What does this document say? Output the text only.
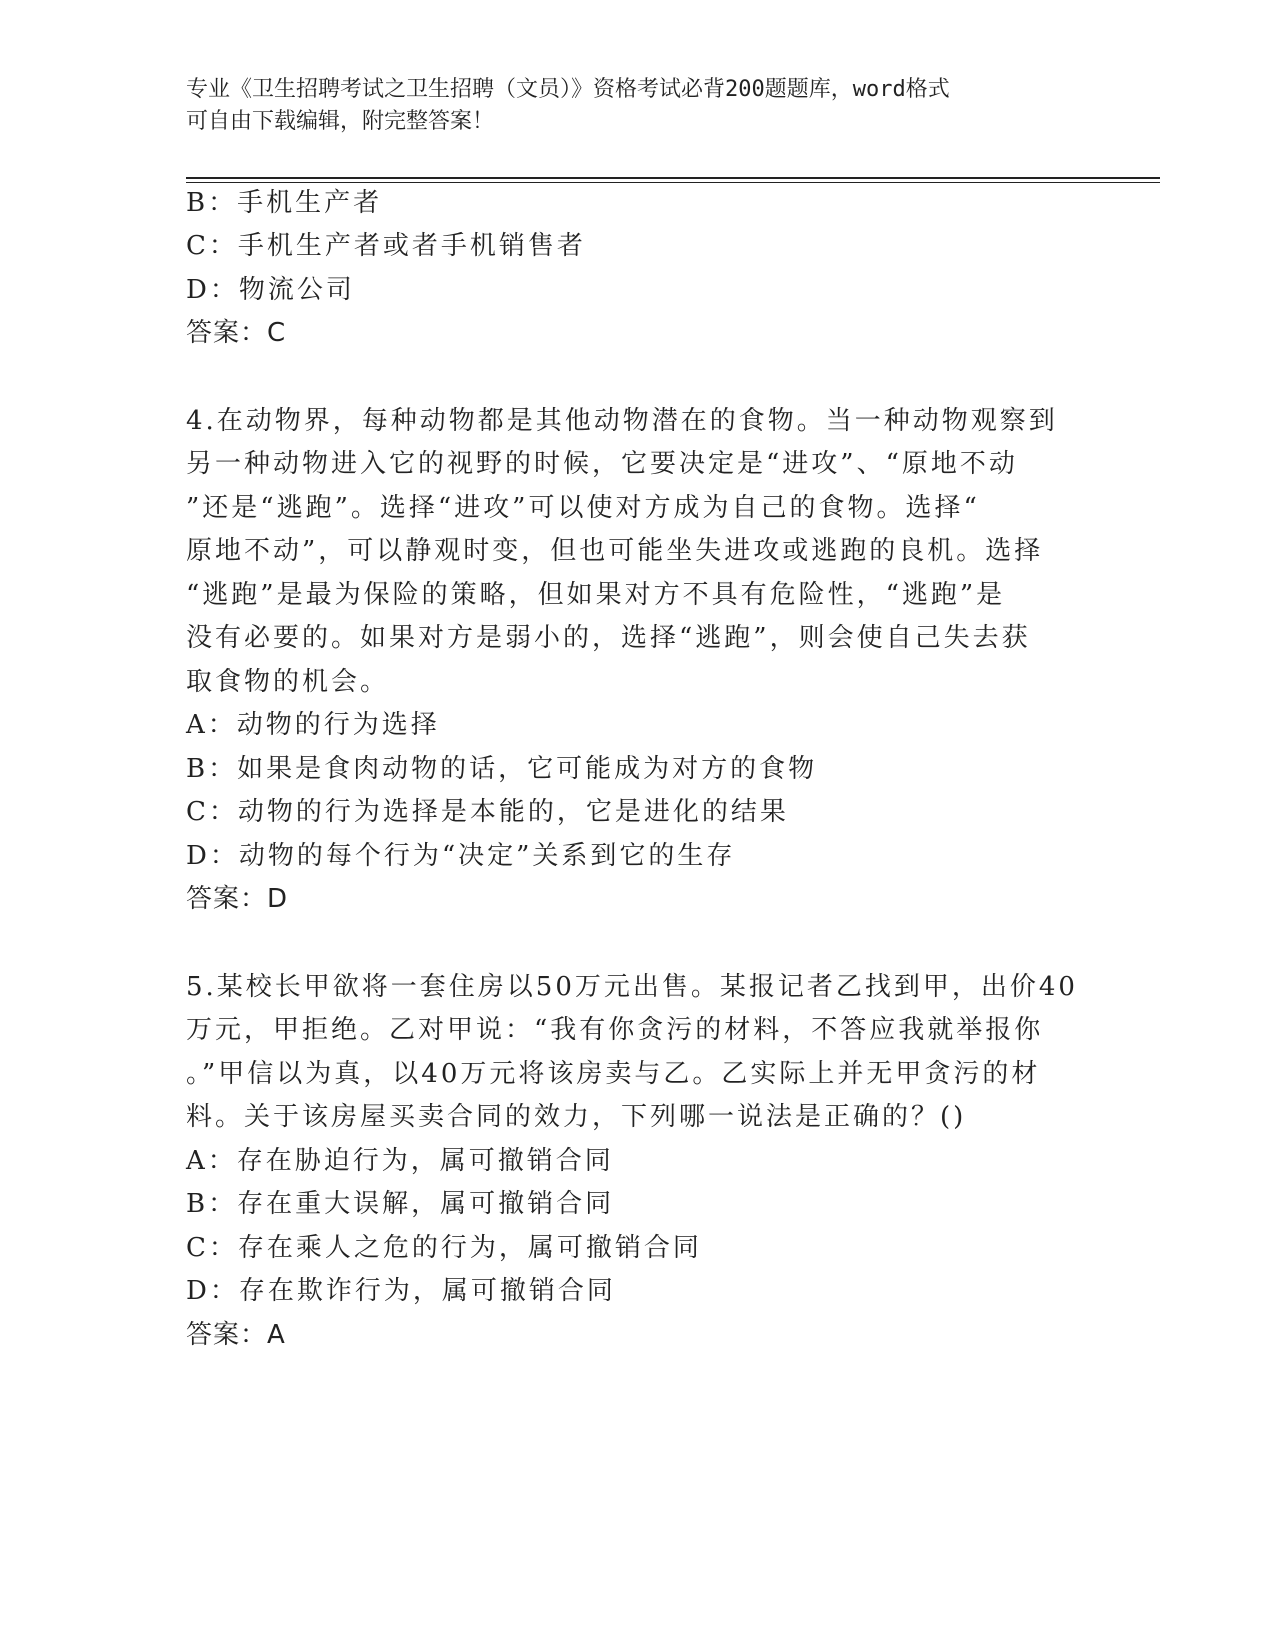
专业《卫生招聘考试之卫生招聘（文员）》资格考试必背200题题库，word格式
可自由下载编辑，附完整答案！
B：手机生产者
C：手机生产者或者手机销售者
D：物流公司
答案：C
4.在动物界，每种动物都是其他动物潜在的食物。当一种动物观察到
另一种动物进入它的视野的时候，它要决定是“进攻”、“原地不动
”还是“逃跑”。选择“进攻”可以使对方成为自己的食物。选择“
原地不动”，可以静观时变，但也可能坐失进攻或逃跑的良机。选择
“逃跑”是最为保险的策略，但如果对方不具有危险性，“逃跑”是
没有必要的。如果对方是弱小的，选择“逃跑”，则会使自己失去获
取食物的机会。
A：动物的行为选择
B：如果是食肉动物的话，它可能成为对方的食物
C：动物的行为选择是本能的，它是进化的结果
D：动物的每个行为“决定”关系到它的生存
答案：D
5.某校长甲欲将一套住房以50万元出售。某报记者乙找到甲，出价40
万元，甲拒绝。乙对甲说：“我有你贪污的材料，不答应我就举报你
。”甲信以为真，以40万元将该房卖与乙。乙实际上并无甲贪污的材
料。关于该房屋买卖合同的效力，下列哪一说法是正确的？()
A：存在胁迫行为，属可撤销合同
B：存在重大误解，属可撤销合同
C：存在乘人之危的行为，属可撤销合同
D：存在欺诈行为，属可撤销合同
答案：A
